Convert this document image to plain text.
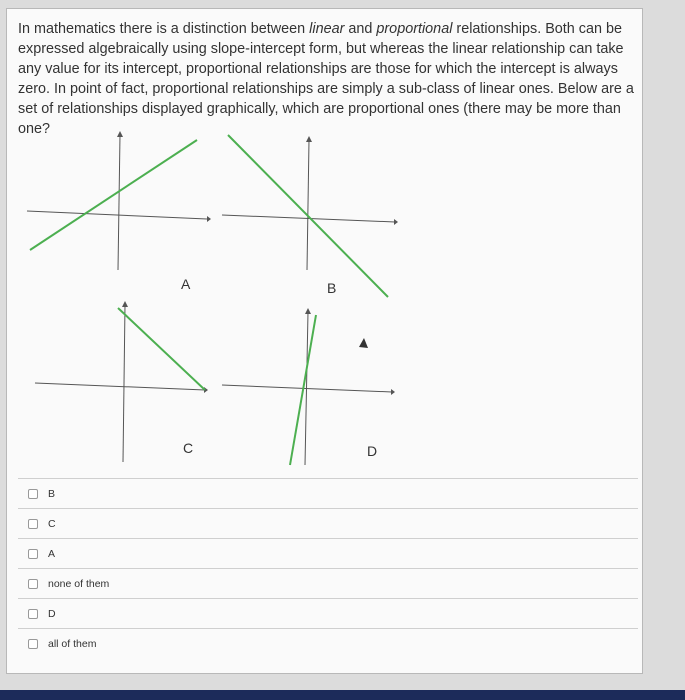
In mathematics there is a distinction between linear and proportional relationships. Both can be expressed algebraically using slope-intercept form, but whereas the linear relationship can take any value for its intercept, proportional relationships are those for which the intercept is always zero. In point of fact, proportional relationships are simply a sub-class of linear ones. Below are a set of relationships displayed graphically, which are proportional ones (there may be more than one?

A	B
C	D
B
C
A
none of them
D
all of them
